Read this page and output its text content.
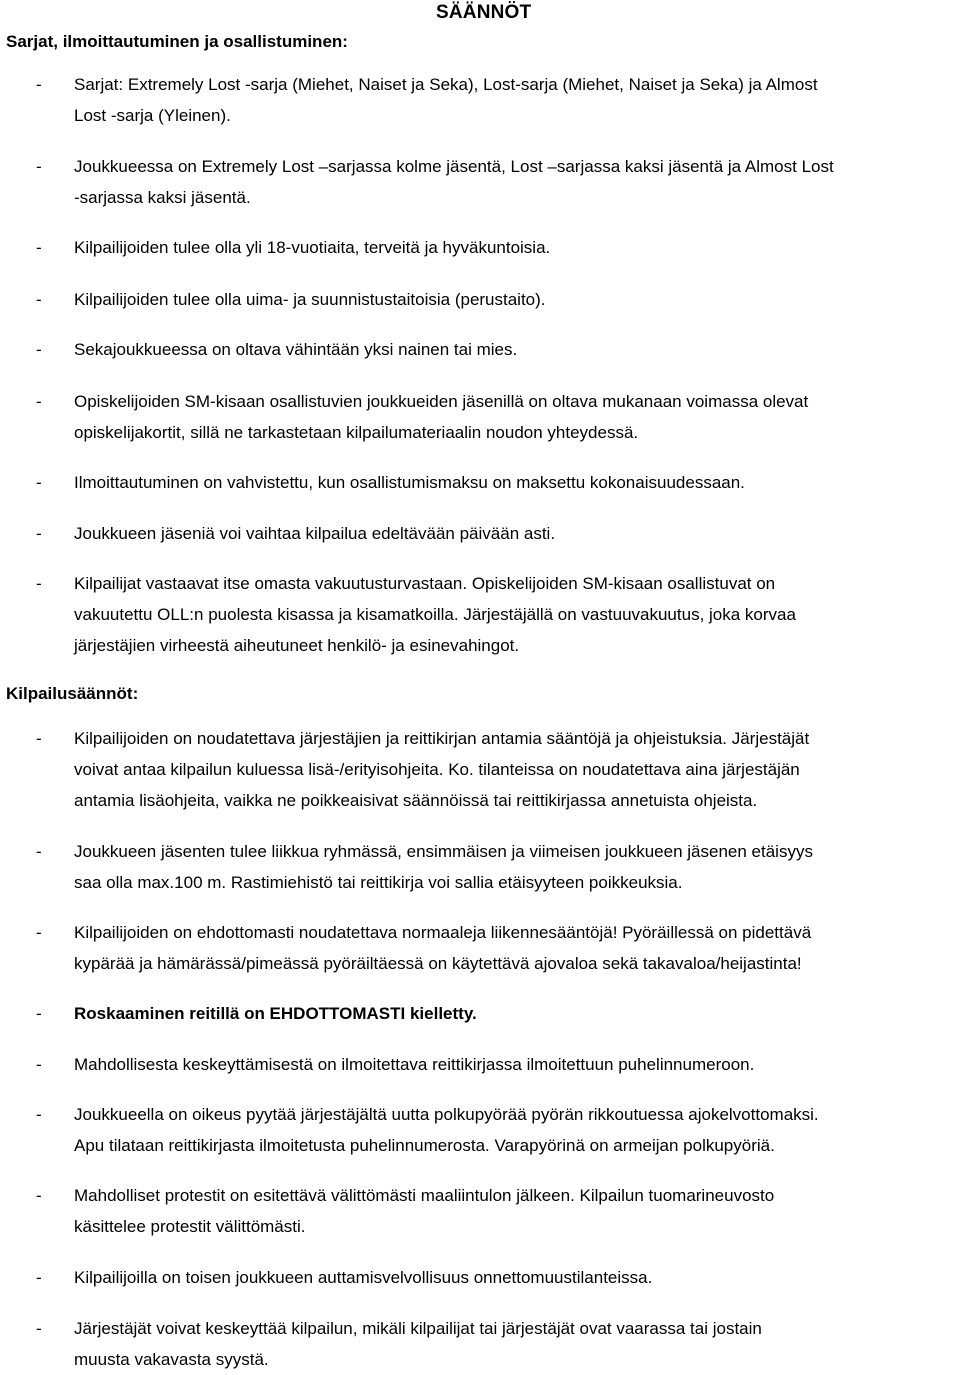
SÄÄNNÖT
Sarjat, ilmoittautuminen ja osallistuminen:
- Sarjat: Extremely Lost -sarja (Miehet, Naiset ja Seka), Lost-sarja (Miehet, Naiset ja Seka) ja Almost
Lost -sarja (Yleinen).
- Joukkueessa on Extremely Lost –sarjassa kolme jäsentä, Lost –sarjassa kaksi jäsentä ja Almost Lost
-sarjassa kaksi jäsentä.
- Kilpailijoiden tulee olla yli 18-vuotiaita, terveitä ja hyväkuntoisia.
- Kilpailijoiden tulee olla uima- ja suunnistustaitoisia (perustaito).
- Sekajoukkueessa on oltava vähintään yksi nainen tai mies.
- Opiskelijoiden SM-kisaan osallistuvien joukkueiden jäsenillä on oltava mukanaan voimassa olevat
opiskelijakortit, sillä ne tarkastetaan kilpailumateriaalin noudon yhteydessä.
- Ilmoittautuminen on vahvistettu, kun osallistumismaksu on maksettu kokonaisuudessaan.
- Joukkueen jäseniä voi vaihtaa kilpailua edeltävään päivään asti.
- Kilpailijat vastaavat itse omasta vakuutusturvastaan. Opiskelijoiden SM-kisaan osallistuvat on
vakuutettu OLL:n puolesta kisassa ja kisamatkoilla. Järjestäjällä on vastuuvakuutus, joka korvaa
järjestäjien virheestä aiheutuneet henkilö- ja esinevahingot.
Kilpailusäännöt:
- Kilpailijoiden on noudatettava järjestäjien ja reittikirjan antamia sääntöjä ja ohjeistuksia. Järjestäjät
voivat antaa kilpailun kuluessa lisä-/erityisohjeita. Ko. tilanteissa on noudatettava aina järjestäjän
antamia lisäohjeita, vaikka ne poikkeaisivat säännöissä tai reittikirjassa annetuista ohjeista.
- Joukkueen jäsenten tulee liikkua ryhmässä, ensimmäisen ja viimeisen joukkueen jäsenen etäisyys
saa olla max.100 m. Rastimiehistö tai reittikirja voi sallia etäisyyteen poikkeuksia.
- Kilpailijoiden on ehdottomasti noudatettava normaaleja liikennesääntöjä! Pyöräillessä on pidettävä
kypärää ja hämärässä/pimeässä pyöräiltäessä on käytettävä ajovaloa sekä takavaloa/heijastinta!
- Roskaaminen reitillä on EHDOTTOMASTI kielletty.
- Mahdollisesta keskeyttämisestä on ilmoitettava reittikirjassa ilmoitettuun puhelinnumeroon.
- Joukkueella on oikeus pyytää järjestäjältä uutta polkupyörää pyörän rikkoutuessa ajokelvottomaksi.
Apu tilataan reittikirjasta ilmoitetusta puhelinnumerosta. Varapyörinä on armeijan polkupyöriä.
- Mahdolliset protestit on esitettävä välittömästi maaliintulon jälkeen. Kilpailun tuomarineuvosto
käsittelee protestit välittömästi.
- Kilpailijoilla on toisen joukkueen auttamisvelvollisuus onnettomuustilanteissa.
- Järjestäjät voivat keskeyttää kilpailun, mikäli kilpailijat tai järjestäjät ovat vaarassa tai jostain
muusta vakavasta syystä.
